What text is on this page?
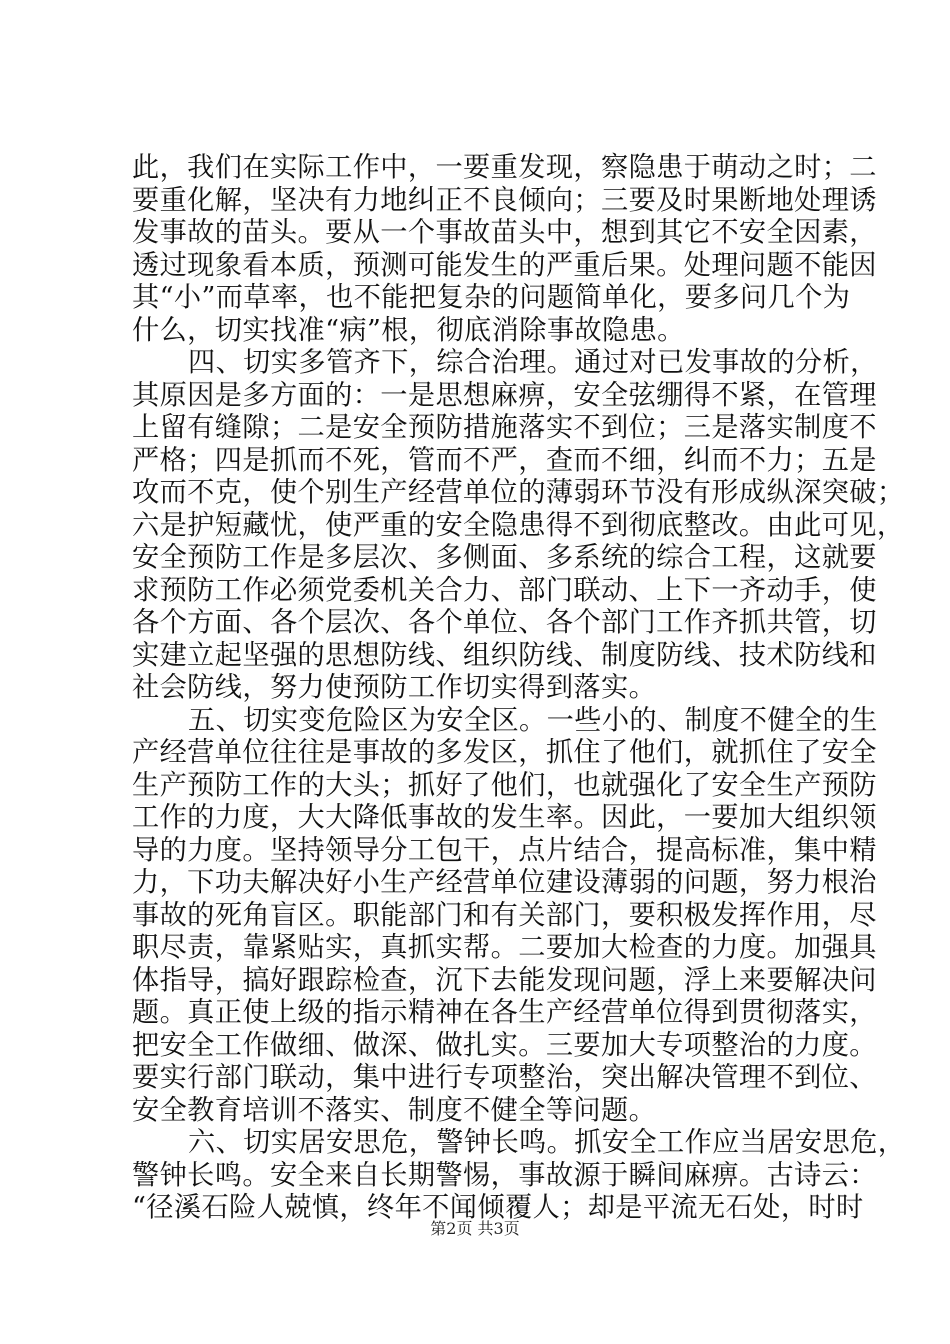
此，我们在实际工作中，一要重发现，察隐患于萌动之时；二
要重化解，坚决有力地纠正不良倾向；三要及时果断地处理诱
发事故的苗头。要从一个事故苗头中，想到其它不安全因素，
透过现象看本质，预测可能发生的严重后果。处理问题不能因
其“小”而草率，也不能把复杂的问题简单化，要多问几个为
什么，切实找准“病”根，彻底消除事故隐患。
四、切实多管齐下，综合治理。通过对已发事故的分析，
其原因是多方面的：一是思想麻痹，安全弦绷得不紧，在管理
上留有缝隙；二是安全预防措施落实不到位；三是落实制度不
严格；四是抓而不死，管而不严，查而不细，纠而不力；五是
攻而不克，使个别生产经营单位的薄弱环节没有形成纵深突破；
六是护短藏忧，使严重的安全隐患得不到彻底整改。由此可见，
安全预防工作是多层次、多侧面、多系统的综合工程，这就要
求预防工作必须党委机关合力、部门联动、上下一齐动手，使
各个方面、各个层次、各个单位、各个部门工作齐抓共管，切
实建立起坚强的思想防线、组织防线、制度防线、技术防线和
社会防线，努力使预防工作切实得到落实。
五、切实变危险区为安全区。一些小的、制度不健全的生
产经营单位往往是事故的多发区，抓住了他们，就抓住了安全
生产预防工作的大头；抓好了他们，也就强化了安全生产预防
工作的力度，大大降低事故的发生率。因此，一要加大组织领
导的力度。坚持领导分工包干，点片结合，提高标准，集中精
力，下功夫解决好小生产经营单位建设薄弱的问题，努力根治
事故的死角盲区。职能部门和有关部门，要积极发挥作用，尽
职尽责，靠紧贴实，真抓实帮。二要加大检查的力度。加强具
体指导，搞好跟踪检查，沉下去能发现问题，浮上来要解决问
题。真正使上级的指示精神在各生产经营单位得到贯彻落实，
把安全工作做细、做深、做扎实。三要加大专项整治的力度。
要实行部门联动，集中进行专项整治，突出解决管理不到位、
安全教育培训不落实、制度不健全等问题。
六、切实居安思危，警钟长鸣。抓安全工作应当居安思危，
警钟长鸣。安全来自长期警惕，事故源于瞬间麻痹。古诗云：
“径溪石险人兢慎，终年不闻倾覆人；却是平流无石处，时时
第2页 共3页
